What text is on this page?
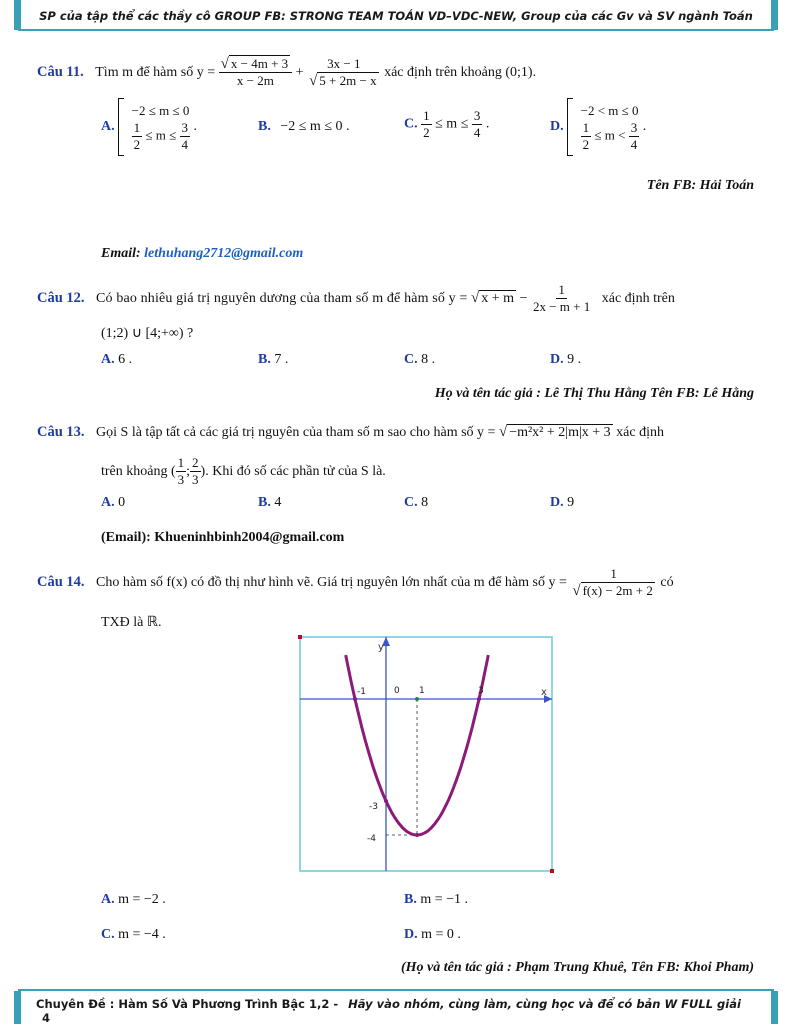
SP của tập thể các thầy cô GROUP FB: STRONG TEAM TOÁN VD–VDC-NEW, Group của các Gv và SV ngành Toán
Câu 11. Tìm m để hàm số $y = \frac{√ x - 4m + 3}{x - 2m} + \frac{3x - 1}{√ 5 + 2m - x}$ xác định trên khoảng (0;1).
A.
−2 ≤ m ≤ 0
$\frac{1}{2} \le m \le \frac{3}{4}$ .	B. −2 ≤ m ≤ 0 .	C. $\frac{1}{2} \le m \le \frac{3}{4}$ .	D.
−2 < m ≤ 0
$\frac{1}{2} \le m < \frac{3}{4}$ .
Tên FB: Hải Toán
Email: lethuhang2712@gmail.com
Câu 12. Có bao nhiêu giá trị nguyên dương của tham số m để hàm số y = √ $x + m - \frac{1}{2x - m + 1}$ xác định trên
(1;2) ∪ [4;+∞) ?
A. 6 .	B. 7 .	C. 8 .	D. 9 .
Họ và tên tác giả : Lê Thị Thu Hằng Tên FB: Lê Hằng
Câu 13. Gọi S là tập tất cả các giá trị nguyên của tham số m sao cho hàm số y = √ −m²x² + 2|m|x + 3 xác định
trên khoảng ( $\frac{1}{3}$ ; $\frac{2}{3}$ ). Khi đó số các phần tử của S là.
A. 0	B. 4	C. 8	D. 9
(Email): Khueninhbinh2004@gmail.com
Câu 14. Cho hàm số f(x) có đồ thị như hình vẽ. Giá trị nguyên lớn nhất của m để hàm số $y = \frac{1}{√ f(x) - 2m + 2}$ có
TXĐ là ℝ.
y
x
0
-1	1	3
-3
-4
A. m = −2 .	B. m = −1 .
C. m = −4 .	D. m = 0 .
(Họ và tên tác giả : Phạm Trung Khuê, Tên FB: Khoi Pham)
Chuyên Đề : Hàm Số Và Phương Trình Bậc 1,2 - Hãy vào nhóm, cùng làm, cùng học và để có bản W FULL giải 4
